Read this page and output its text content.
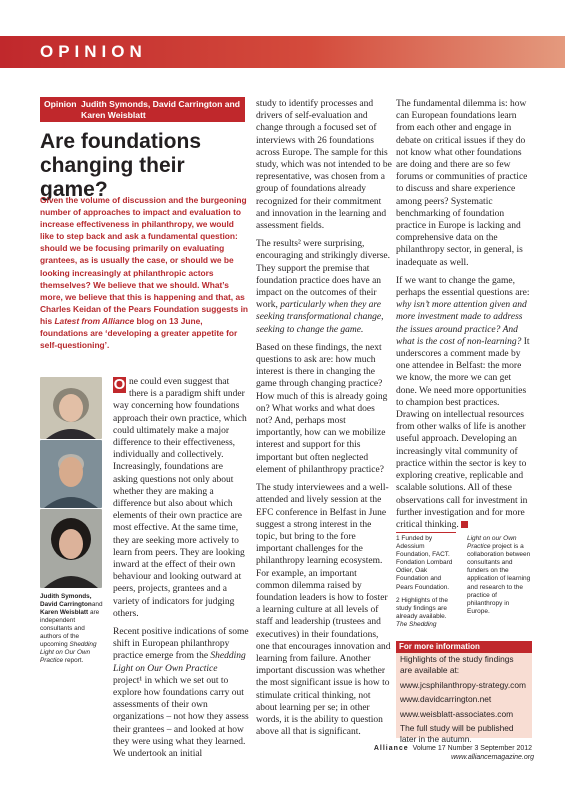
OPINION
Opinion Judith Symonds, David Carrington and Karen Weisblatt
Are foundations changing their game?
Given the volume of discussion and the burgeoning number of approaches to impact and evaluation to increase effectiveness in philanthropy, we would like to step back and ask a fundamental question: should we be focusing primarily on evaluating grantees, as is usually the case, or should we be looking increasingly at philanthropic actors themselves? We believe that we should. What’s more, we believe that this is happening and that, as Charles Keidan of the Pears Foundation suggests in his Latest from Alliance blog on 13 June, foundations are ‘developing a greater appetite for self-questioning’.
Judith Symonds, David Carringtonand Karen Weisblatt are independent consultants and authors of the upcoming Shedding Light on Our Own Practice report.

O ne could even suggest that there is a paradigm shift under way concerning how foundations approach their own practice, which could ultimately make a major difference to their effectiveness, individually and collectively. Increasingly, foundations are asking questions not only about whether they are making a difference but also about which elements of their own practice are most effective. At the same time, they are seeking more actively to learn from peers. They are looking inward at the effect of their own behaviour and looking outward at peers, projects, grantees and a variety of indicators for judging others.

Recent positive indications of some shift in European philanthropy practice emerge from the Shedding Light on Our Own Practice project¹ in which we set out to explore how foundations carry out assessments of their own organizations – not how they assess their grantees – and looked at how they were using what they learned. We undertook an initial

study to identify processes and drivers of self-evaluation and change through a focused set of interviews with 26 foundations across Europe. The sample for this study, which was not intended to be representative, was chosen from a group of foundations already recognized for their commitment and innovation in the learning and assessment fields.

The results² were surprising, encouraging and strikingly diverse. They support the premise that foundation practice does have an impact on the outcomes of their work, particularly when they are seeking transformational change, seeking to change the game.

Based on these findings, the next questions to ask are: how much interest is there in changing the game through changing practice? How much of this is already going on? What works and what does not? And, perhaps most importantly, how can we mobilize interest and support for this important but often neglected element of philanthropy practice?

The study interviewees and a well-attended and lively session at the EFC conference in Belfast in June suggest a strong interest in the topic, but bring to the fore important challenges for the philanthropy learning ecosystem. For example, an important common dilemma raised by foundation leaders is how to foster a learning culture at all levels of staff and leadership (trustees and executives) in their foundations, one that encourages innovation and learning from failure. Another important discussion was whether the most significant issue is how to stimulate critical thinking, not about learning per se; in other words, it is the ability to question above all that is significant.

The fundamental dilemma is: how can European foundations learn from each other and engage in debate on critical issues if they do not know what other foundations are doing and there are so few forums or communities of practice to discuss and share experience among peers? Systematic benchmarking of foundation practice in Europe is lacking and comprehensive data on the philanthropy sector, in general, is inadequate as well.

If we want to change the game, perhaps the essential questions are: why isn’t more attention given and more investment made to address the issues around practice? And what is the cost of non-learning? It underscores a comment made by one attendee in Belfast: the more we know, the more we can get done. We need more opportunities to champion best practices. Drawing on intellectual resources from other walks of life is another useful approach. Developing an increasingly vital community of practice within the sector is key to exploring creative, replicable and scalable solutions. All of these observations call for investment in further investigation and for more critical thinking.

1 Funded by Adessium Foundation, FACT. Fondation Lombard Odier, Oak Foundation and Pears Foundation.

2 Highlights of the study findings are already available. The Shedding

Light on our Own Practice project is a collaboration between consultants and funders on the application of learning and research to the practice of philanthropy in Europe.

For more information

Highlights of the study findings are available at:

www.jcsphilanthropy-strategy.com

www.davidcarrington.net

www.weisblatt-associates.com

The full study will be published later in the autumn.

Alliance Volume 17 Number 3 September 2012  www.alliancemagazine.org
